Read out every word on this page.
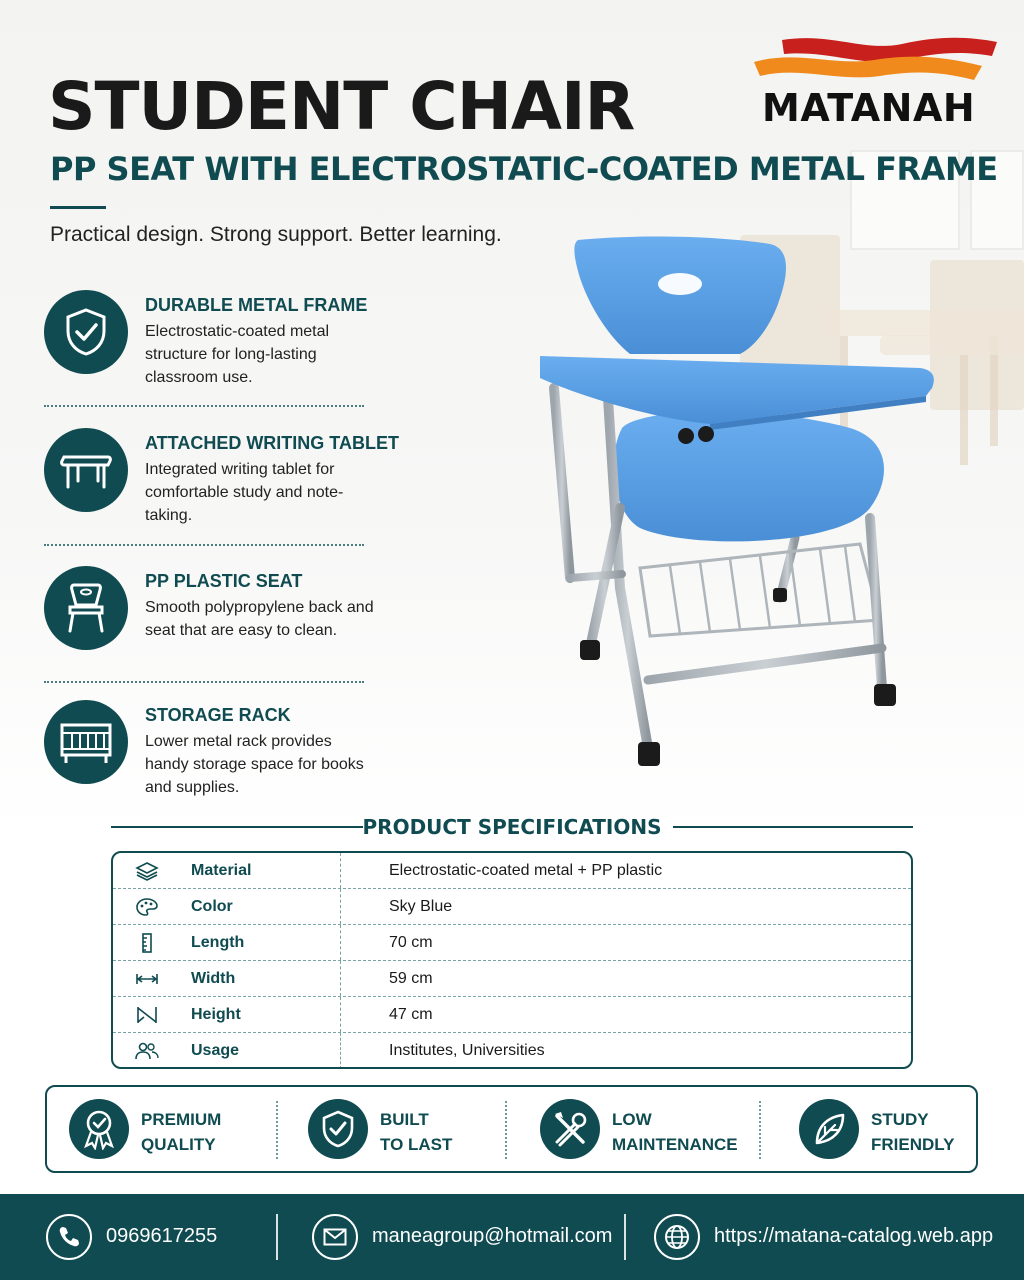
MATANAH
STUDENT CHAIR
PP SEAT WITH ELECTROSTATIC-COATED METAL FRAME

Practical design. Strong support. Better learning.

DURABLE METAL FRAME
Electrostatic-coated metal structure for long-lasting classroom use.
ATTACHED WRITING TABLET
Integrated writing tablet for comfortable study and note-taking.
PP PLASTIC SEAT
Smooth polypropylene back and seat that are easy to clean.
STORAGE RACK
Lower metal rack provides handy storage space for books and supplies.
PRODUCT SPECIFICATIONS
Material	Electrostatic-coated metal + PP plastic
Color	Sky Blue
Length	70 cm
Width	59 cm
Height	47 cm
Usage	Institutes, Universities
PREMIUM
QUALITY
BUILT
TO LAST
LOW
MAINTENANCE
STUDY
FRIENDLY
0969617255	maneagroup@hotmail.com	https://matana-catalog.web.app
